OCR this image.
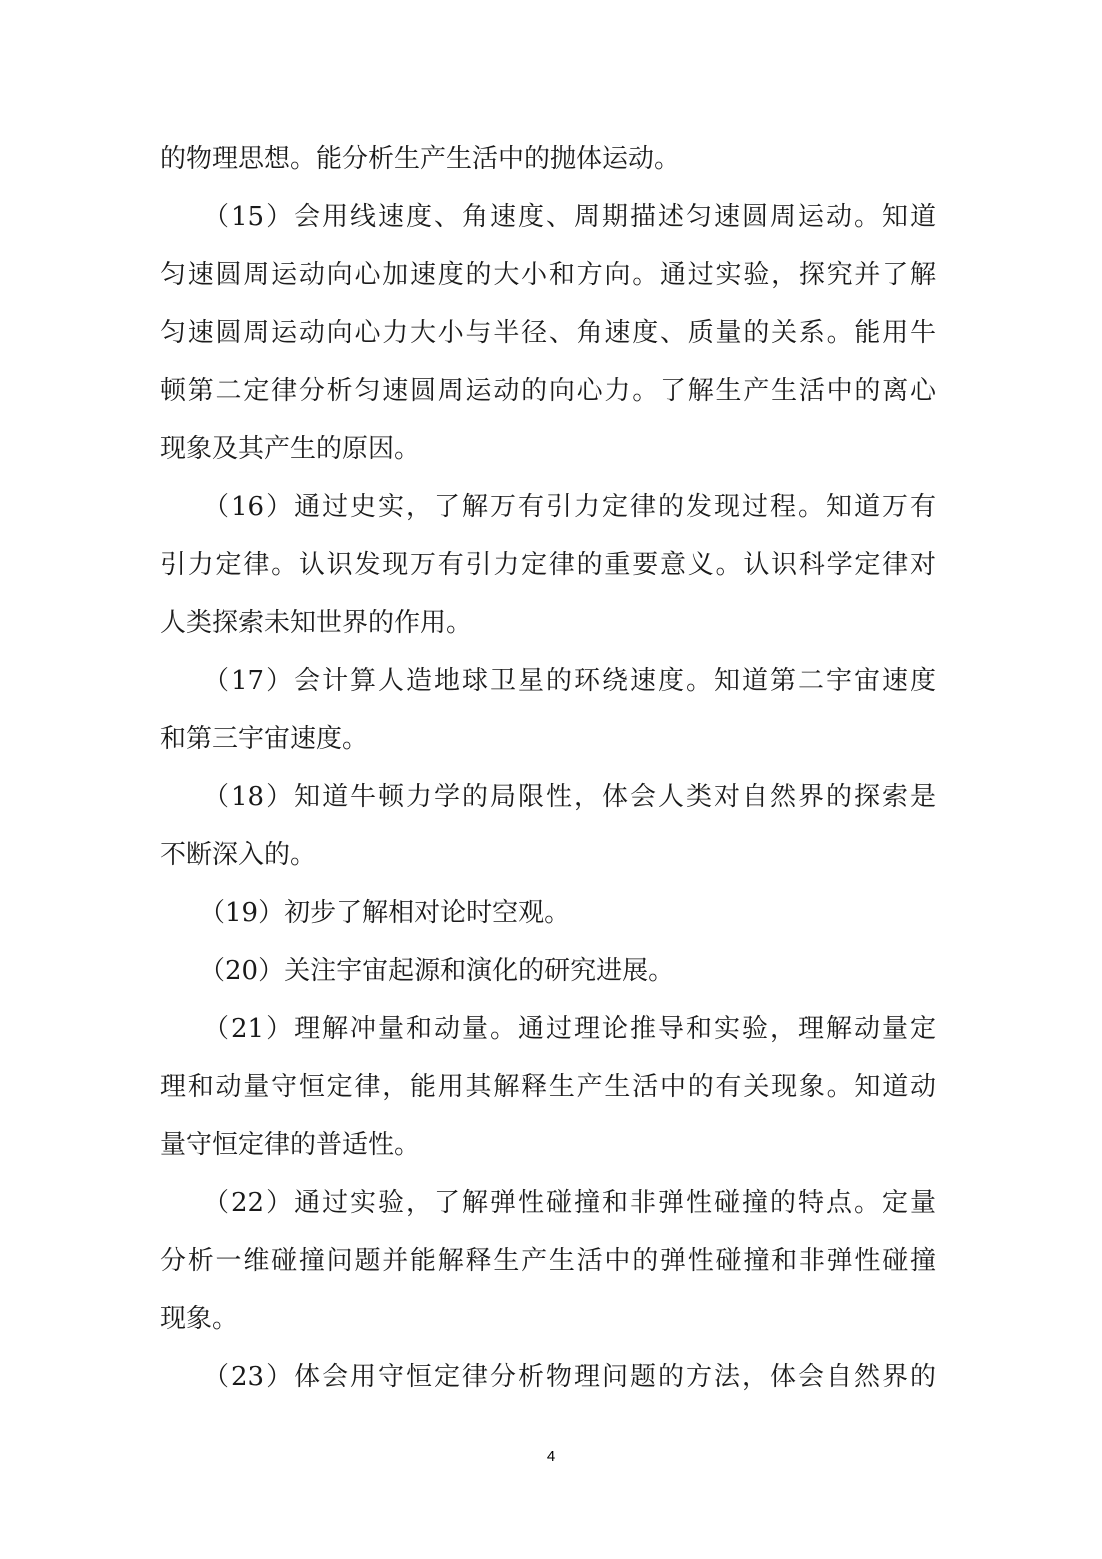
的物理思想。能分析生产生活中的抛体运动。
　　（15）会用线速度、角速度、周期描述匀速圆周运动。知道
匀速圆周运动向心加速度的大小和方向。通过实验，探究并了解
匀速圆周运动向心力大小与半径、角速度、质量的关系。能用牛
顿第二定律分析匀速圆周运动的向心力。了解生产生活中的离心
现象及其产生的原因。
　　（16）通过史实，了解万有引力定律的发现过程。知道万有
引力定律。认识发现万有引力定律的重要意义。认识科学定律对
人类探索未知世界的作用。
　　（17）会计算人造地球卫星的环绕速度。知道第二宇宙速度
和第三宇宙速度。
　　（18）知道牛顿力学的局限性，体会人类对自然界的探索是
不断深入的。
　　（19）初步了解相对论时空观。
　　（20）关注宇宙起源和演化的研究进展。
　　（21）理解冲量和动量。通过理论推导和实验，理解动量定
理和动量守恒定律，能用其解释生产生活中的有关现象。知道动
量守恒定律的普适性。
　　（22）通过实验，了解弹性碰撞和非弹性碰撞的特点。定量
分析一维碰撞问题并能解释生产生活中的弹性碰撞和非弹性碰撞
现象。
　　（23）体会用守恒定律分析物理问题的方法，体会自然界的
4
